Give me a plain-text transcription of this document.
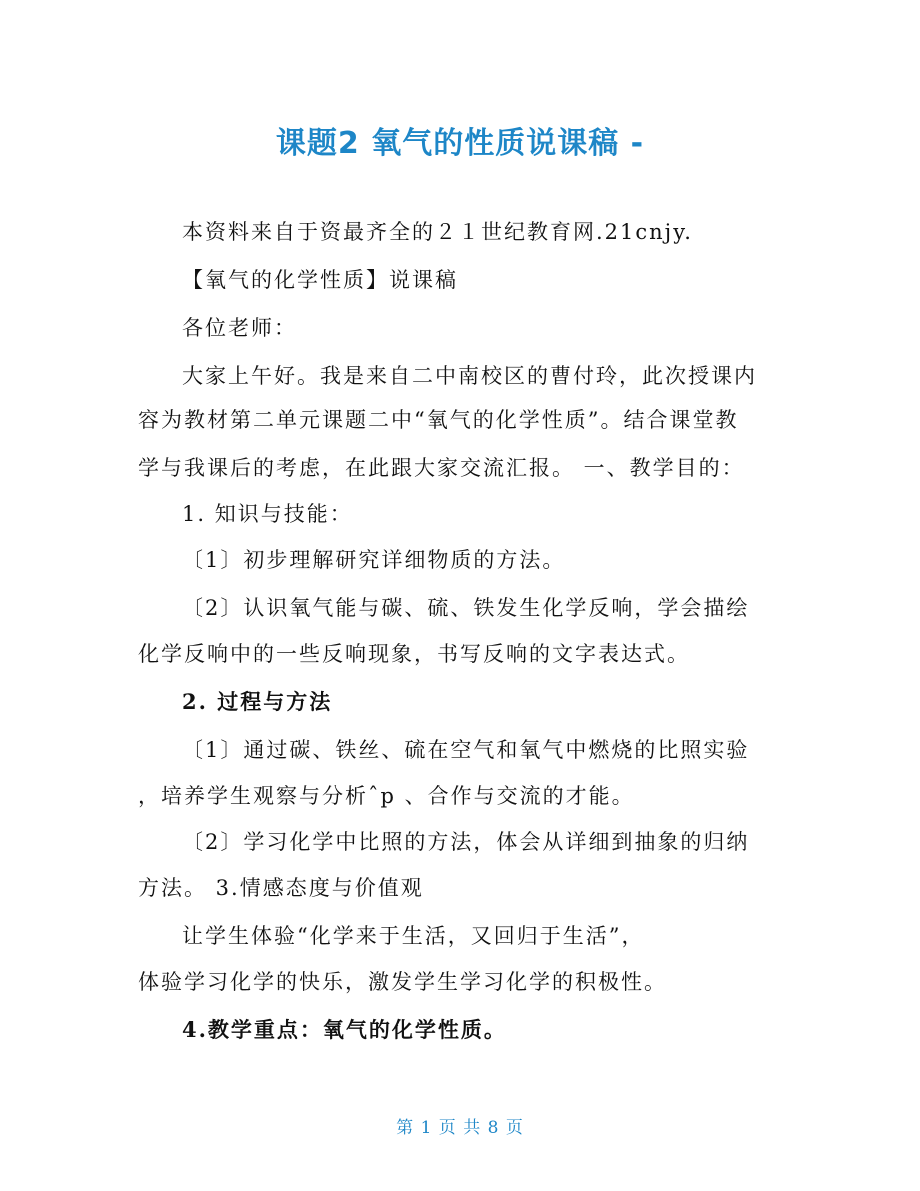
课题2 氧气的性质说课稿 -
本资料来自于资最齐全的２１世纪教育网.21cnjy.
【氧气的化学性质】说课稿
各位老师：
大家上午好。我是来自二中南校区的曹付玲，此次授课内
容为教材第二单元课题二中“氧气的化学性质”。结合课堂教
学与我课后的考虑，在此跟大家交流汇报。 一、教学目的：
1. 知识与技能：
〔1〕初步理解研究详细物质的方法。
〔2〕认识氧气能与碳、硫、铁发生化学反响，学会描绘
化学反响中的一些反响现象，书写反响的文字表达式。
2. 过程与方法
〔1〕通过碳、铁丝、硫在空气和氧气中燃烧的比照实验
，培养学生观察与分析ˆp 、合作与交流的才能。
〔2〕学习化学中比照的方法，体会从详细到抽象的归纳
方法。 3.情感态度与价值观
让学生体验“化学来于生活，又回归于生活”，
体验学习化学的快乐，激发学生学习化学的积极性。
4.教学重点：氧气的化学性质。
第 1 页 共 8 页
